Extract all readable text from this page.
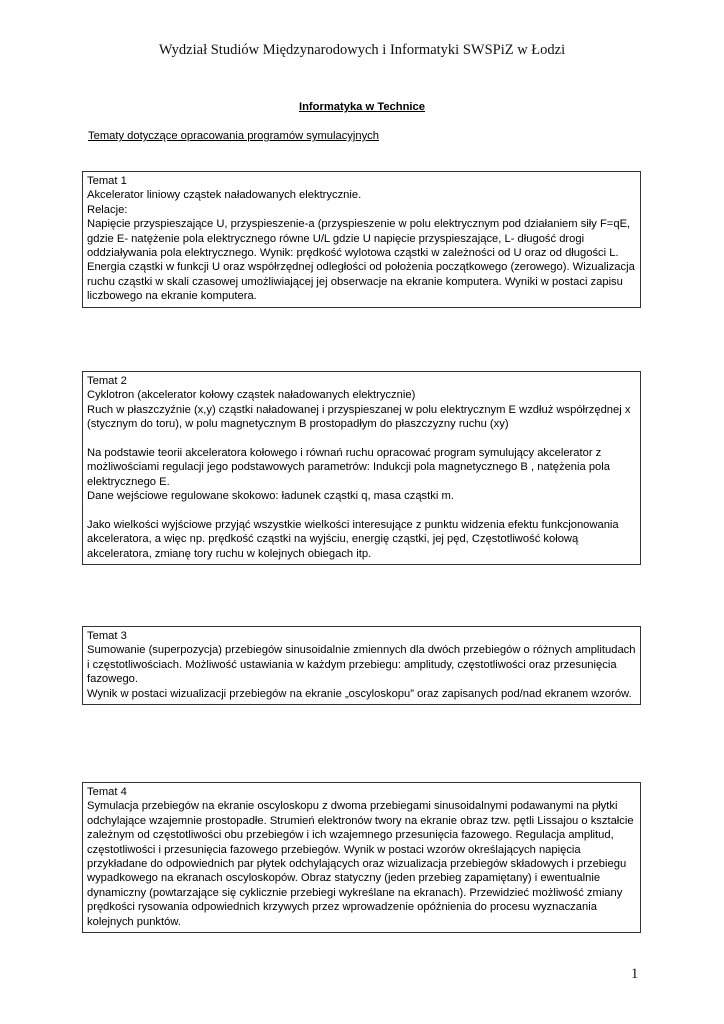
Wydział Studiów Międzynarodowych i Informatyki SWSPiZ w Łodzi
Informatyka w Technice
Tematy dotyczące opracowania programów symulacyjnych

Temat 1

Akcelerator liniowy cząstek naładowanych elektrycznie.

Relacje:

Napięcie przyspieszające U, przyspieszenie-a (przyspieszenie w polu elektrycznym pod działaniem siły F=qE, gdzie E- natężenie pola elektrycznego równe U/L gdzie U napięcie przyspieszające, L- długość drogi oddziaływania pola elektrycznego. Wynik: prędkość wylotowa cząstki w zależności od U oraz od długości L. Energia cząstki w funkcji U oraz współrzędnej odległości od położenia początkowego (zerowego). Wizualizacja ruchu cząstki w skali czasowej umożliwiającej jej obserwacje na ekranie komputera. Wyniki w postaci zapisu liczbowego na ekranie komputera.

Temat 2

Cyklotron (akcelerator kołowy cząstek naładowanych elektrycznie)

Ruch w płaszczyźnie (x,y) cząstki naładowanej i przyspieszanej w polu elektrycznym E wzdłuż współrzędnej x (stycznym do toru), w polu magnetycznym B prostopadłym do płaszczyzny ruchu (xy)

Na podstawie teorii akceleratora kołowego i równań ruchu opracować program symulujący akcelerator z możliwościami regulacji jego podstawowych parametrów: Indukcji pola magnetycznego B , natężenia pola elektrycznego E.

Dane wejściowe regulowane skokowo: ładunek cząstki q, masa cząstki m.

Jako wielkości wyjściowe przyjąć wszystkie wielkości interesujące z punktu widzenia efektu funkcjonowania akceleratora, a więc np. prędkość cząstki na wyjściu, energię cząstki, jej pęd, Częstotliwość kołową akceleratora, zmianę tory ruchu w kolejnych obiegach itp.

Temat 3

Sumowanie (superpozycja) przebiegów sinusoidalnie zmiennych dla dwóch przebiegów o różnych amplitudach i częstotliwościach. Możliwość ustawiania w każdym przebiegu: amplitudy, częstotliwości oraz przesunięcia fazowego.

Wynik w postaci wizualizacji przebiegów na ekranie „oscyloskopu” oraz zapisanych pod/nad ekranem wzorów.

Temat 4

Symulacja przebiegów na ekranie oscyloskopu z dwoma przebiegami sinusoidalnymi podawanymi na płytki odchylające wzajemnie prostopadłe. Strumień elektronów twory na ekranie obraz tzw. pętli Lissajou o kształcie zależnym od częstotliwości obu przebiegów i ich wzajemnego przesunięcia fazowego. Regulacja amplitud, częstotliwości i przesunięcia fazowego przebiegów. Wynik w postaci wzorów określających napięcia przykładane do odpowiednich par płytek odchylających oraz wizualizacja przebiegów składowych i przebiegu wypadkowego na ekranach oscyloskopów. Obraz statyczny (jeden przebieg zapamiętany) i ewentualnie dynamiczny (powtarzające się cyklicznie przebiegi wykreślane na ekranach). Przewidzieć możliwość zmiany prędkości rysowania odpowiednich krzywych przez wprowadzenie opóźnienia do procesu wyznaczania kolejnych punktów.

1
